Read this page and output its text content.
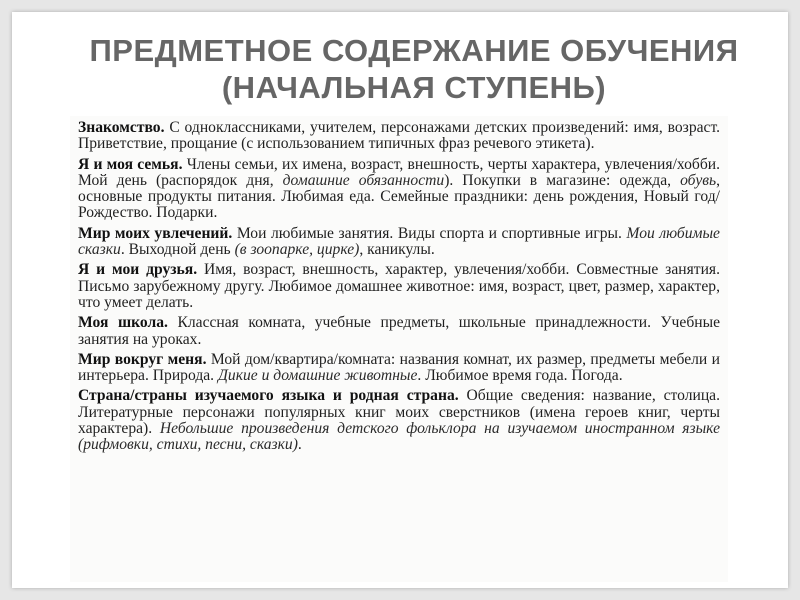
ПРЕДМЕТНОЕ СОДЕРЖАНИЕ ОБУЧЕНИЯ
(НАЧАЛЬНАЯ СТУПЕНЬ)

Знакомство. С одноклассниками, учителем, персонажами детских произведений: имя, возраст. Приветствие, прощание (с использованием типичных фраз речевого этикета).

Я и моя семья. Члены семьи, их имена, возраст, внешность, черты характера, увлечения/хобби. Мой день (распорядок дня, домашние обязанности). Покупки в магазине: одежда, обувь, основные продукты питания. Любимая еда. Семейные праздники: день рождения, Новый год/Рождество. Подарки.

Мир моих увлечений. Мои любимые занятия. Виды спорта и спортивные игры. Мои любимые сказки. Выходной день (в зоопарке, цирке), каникулы.

Я и мои друзья. Имя, возраст, внешность, характер, увлечения/хобби. Совместные занятия. Письмо зарубежному другу. Любимое домашнее животное: имя, возраст, цвет, размер, характер, что умеет делать.

Моя школа. Классная комната, учебные предметы, школьные принадлежности. Учебные занятия на уроках.

Мир вокруг меня. Мой дом/квартира/комната: названия комнат, их размер, предметы мебели и интерьера. Природа. Дикие и домашние животные. Любимое время года. Погода.

Страна/страны изучаемого языка и родная страна. Общие сведения: название, столица. Литературные персонажи популярных книг моих сверстников (имена героев книг, черты характера). Небольшие произведения детского фольклора на изучаемом иностранном языке (рифмовки, стихи, песни, сказки).
